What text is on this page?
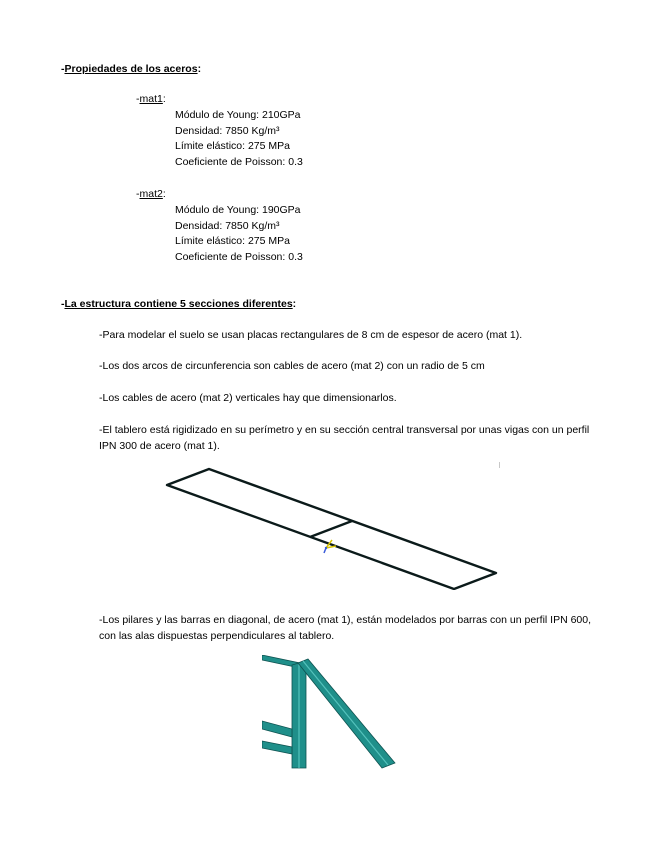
-Propiedades de los aceros:
-mat1:
Módulo de Young: 210GPa
Densidad: 7850 Kg/m³
Límite elástico: 275 MPa
Coeficiente de Poisson: 0.3
-mat2:
Módulo de Young: 190GPa
Densidad: 7850 Kg/m³
Límite elástico: 275 MPa
Coeficiente de Poisson: 0.3
-La estructura contiene 5 secciones diferentes:
-Para modelar el suelo se usan placas rectangulares de 8 cm de espesor de acero (mat 1).
-Los dos arcos de circunferencia son cables de acero (mat 2) con un radio de 5 cm
-Los cables de acero (mat 2) verticales hay que dimensionarlos.
-El tablero está rigidizado en su perímetro y en su sección central transversal por unas vigas con un perfil IPN 300 de acero (mat 1).
-Los pilares y las barras en diagonal, de acero (mat 1), están modelados por barras con un perfil IPN 600, con las alas dispuestas perpendiculares al tablero.
